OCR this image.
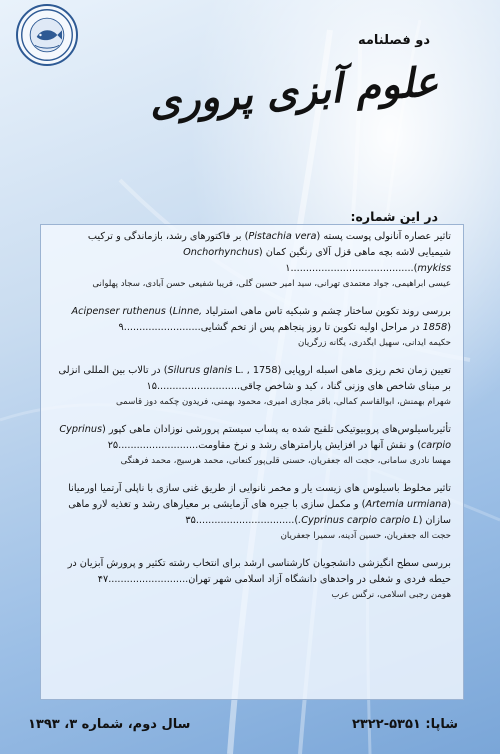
دو فصلنامه
علوم آبزی پروری
در این شماره:
تاثیر عصاره آنانولی پوست پسته (Pistachia vera) بر فاکتورهای رشد، بازماندگی و ترکیب شیمیایی لاشه بچه ماهی قزل آلای رنگین کمان (Onchorhynchus mykiss)........................................۱
عیسی ابراهیمی، جواد معتمدی تهرانی، سید امیر حسین گلی، فریبا شفیعی حسن آبادی، سجاد پهلوانی
بررسی روند تکوین ساختار چشم و شبکیه تاس ماهی استرلیاد Acipenser ruthenus (Linne, 1858) در مراحل اولیه تکوین تا روز پنجاهم پس از تخم گشایی.........................۹
حکیمه ایدانی، سهیل ایگدری، یگانه زرگریان
تعیین زمان تخم ریزی ماهی اسبله اروپایی (Silurus glanis L. , 1758) در تالاب بین المللی انزلی بر مبنای شاخص های وزنی گناد ، کبد و شاخص چاقی...........................۱۵
شهرام بهمنش، ابوالقاسم کمالی، باقر مجازی امیری، محمود بهمنی، فریدون چکمه دوز قاسمی
تأثیرباسیلوس‌های پروبیوتیکی تلقیح شده به پساب سیستم پرورشی نوزادان ماهی کپور (Cyprinus carpio) و نقش آنها در افزایش پارامترهای رشد و نرخ مقاومت..........................۲۵
مهسا نادری سامانی، حجت اله جعفریان، حسنی قلی‌پور کنعانی، محمد هرسیج، محمد فرهنگی
تاثیر مخلوط باسیلوس های زیست یار و مخمر نانوایی از طریق غنی سازی با ناپلی آرتمیا اورمیانا (Artemia urmiana) و مکمل سازی با جیره های آزمایشی بر معیارهای رشد و تغذیه لارو ماهی سازان (Cyprinus carpio carpio L.)................................۳۵
حجت اله جعفریان، حسین آدینه، سمیرا جعفریان
بررسی سطح انگیزشی دانشجویان کارشناسی ارشد برای انتخاب رشته تکثیر و پرورش آبزیان در حیطه فردی و شغلی در واحدهای دانشگاه آزاد اسلامی شهر تهران..........................۴۷
هومن رجبی اسلامی، نرگس عرب
سال دوم، شماره ۳، ۱۳۹۳	شاپا: ۵۳۵۱-۲۳۲۲
